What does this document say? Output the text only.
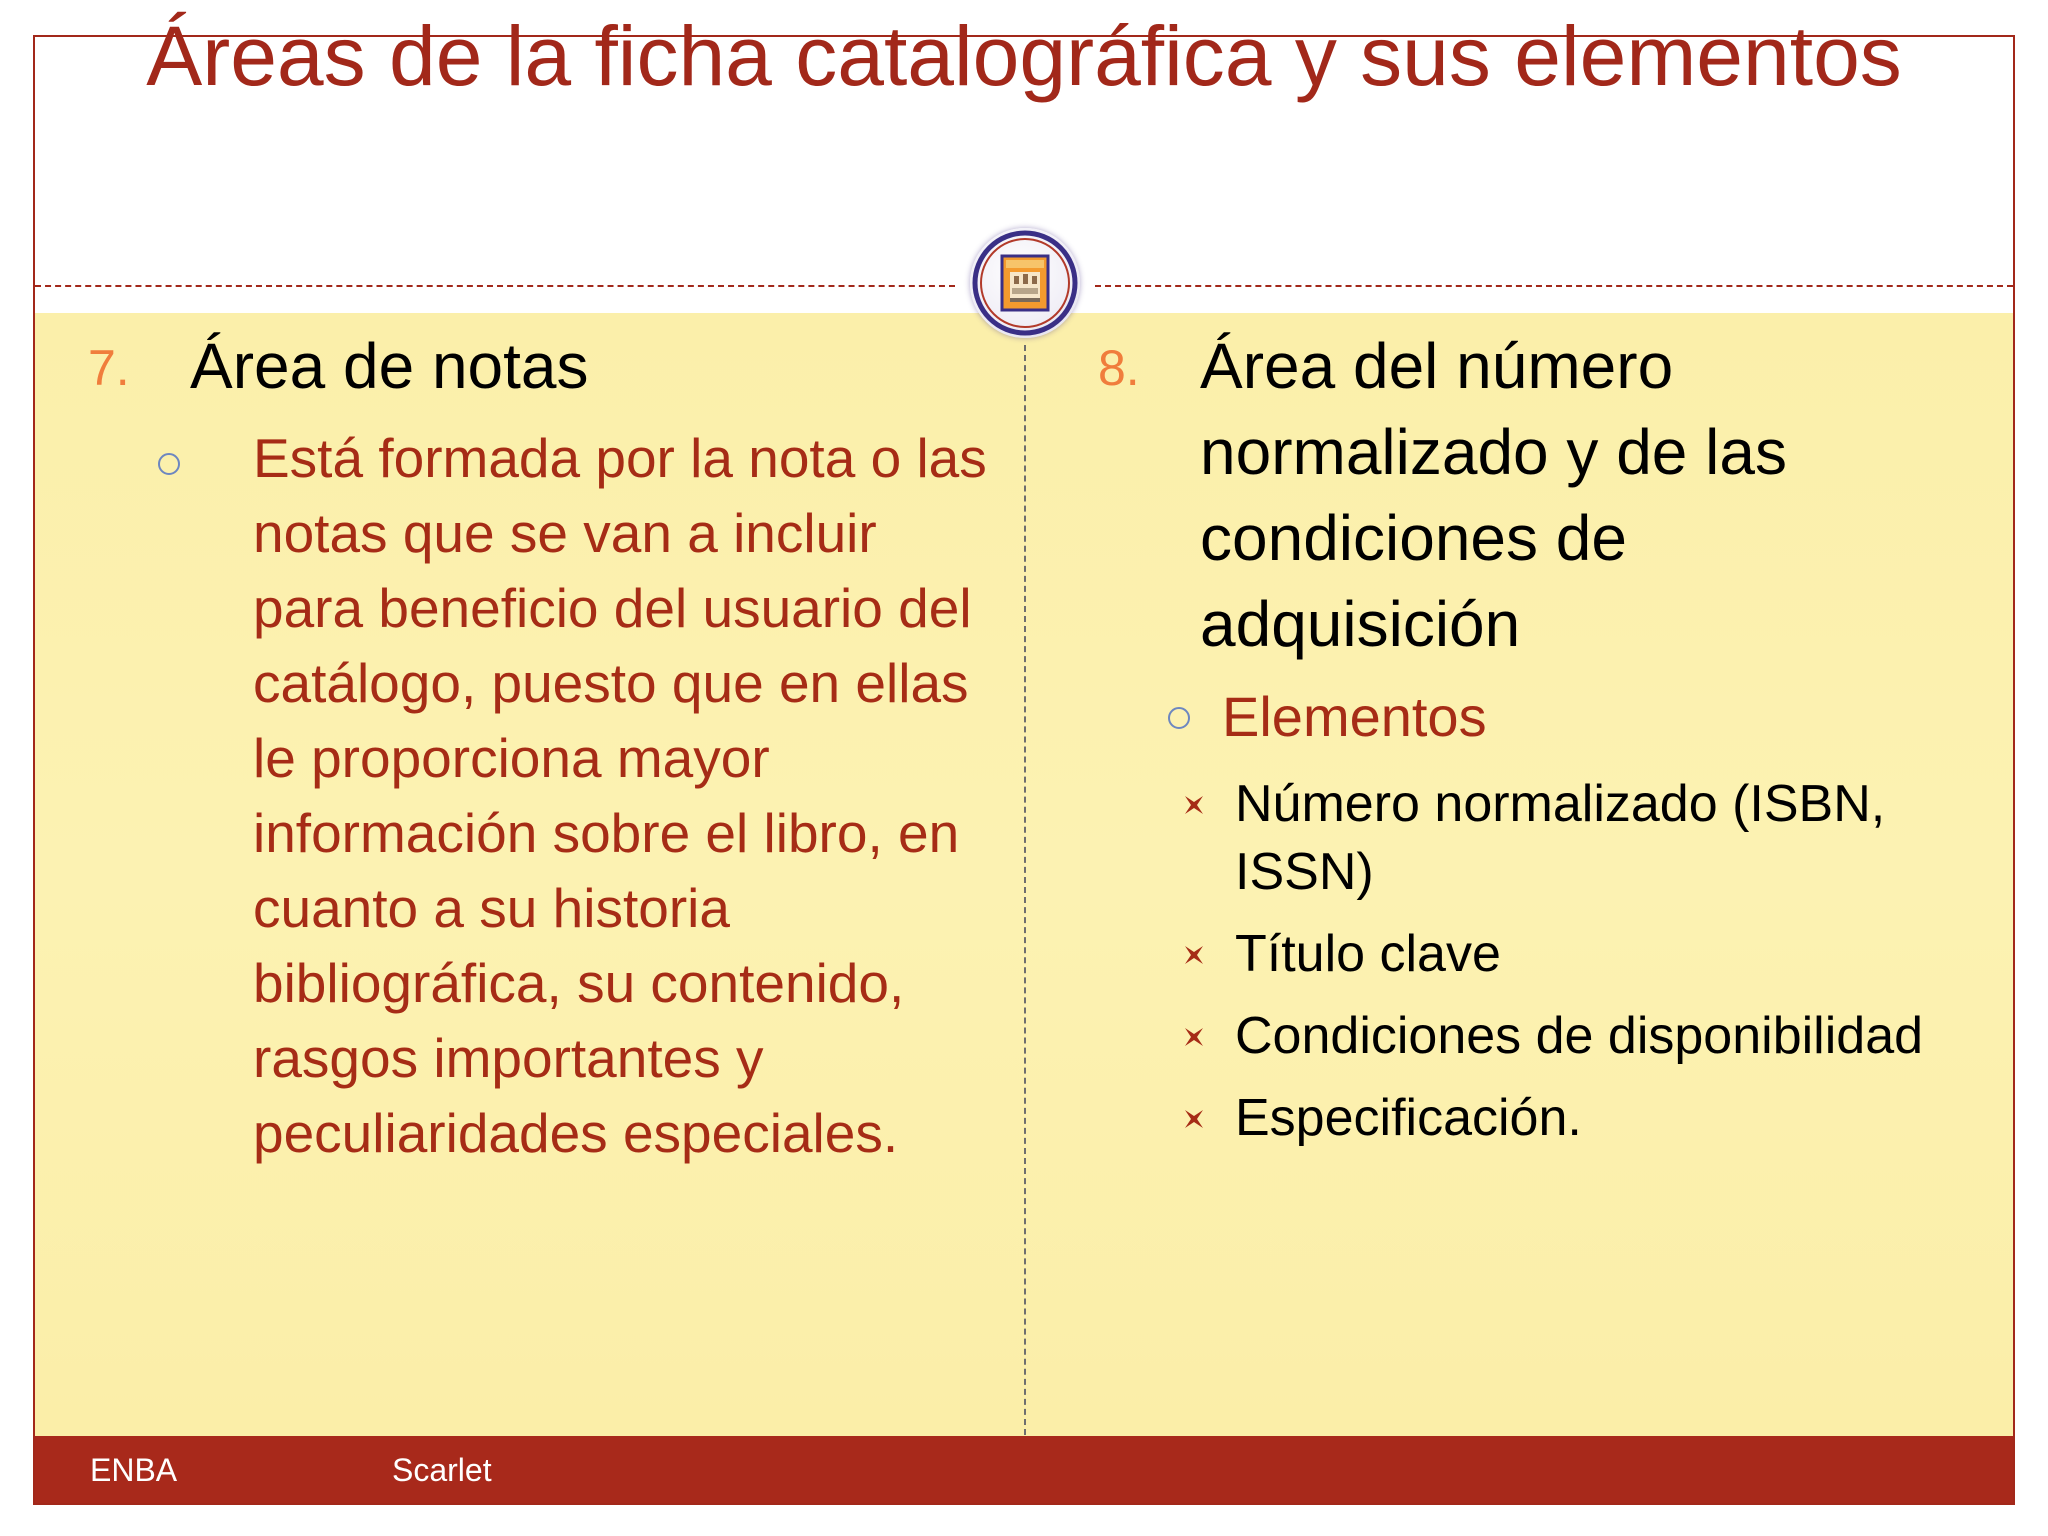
Áreas de la ficha catalográfica y sus elementos
7. Área de notas
Está formada por la nota o las notas que se van a incluir para beneficio del usuario del catálogo, puesto que en ellas le proporciona mayor información sobre el libro, en cuanto a su historia bibliográfica, su contenido, rasgos importantes y peculiaridades especiales.
8. Área del número normalizado y de las condiciones de adquisición
Elementos
Número normalizado (ISBN, ISSN)
Título clave
Condiciones de disponibilidad
Especificación.
ENBA	Scarlet
